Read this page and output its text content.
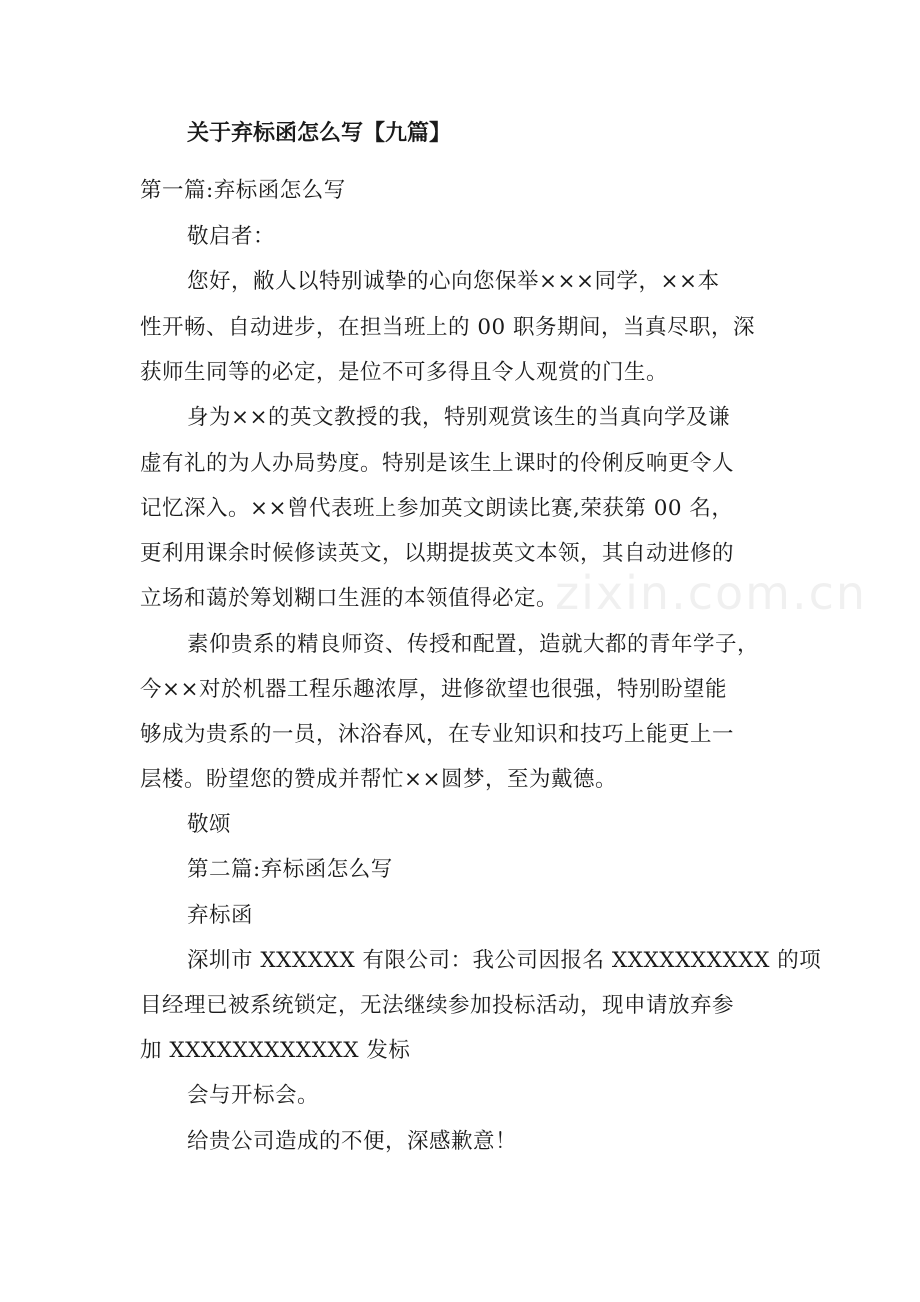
zixin.com.cn
关于弃标函怎么写【九篇】
第一篇:弃标函怎么写
敬启者：
您好，敝人以特别诚挚的心向您保举×××同学，××本
性开畅、自动进步，在担当班上的 00 职务期间，当真尽职，深
获师生同等的必定，是位不可多得且令人观赏的门生。
身为××的英文教授的我，特别观赏该生的当真向学及谦
虚有礼的为人办局势度。特别是该生上课时的伶俐反响更令人
记忆深入。××曾代表班上参加英文朗读比赛,荣获第 00 名，
更利用课余时候修读英文，以期提拔英文本领，其自动进修的
立场和蔼於筹划糊口生涯的本领值得必定。
素仰贵系的精良师资、传授和配置，造就大都的青年学子，
今××对於机器工程乐趣浓厚，进修欲望也很强，特别盼望能
够成为贵系的一员，沐浴春风，在专业知识和技巧上能更上一
层楼。盼望您的赞成并帮忙××圆梦，至为戴德。
敬颂
第二篇:弃标函怎么写
弃标函
深圳市 XXXXXX 有限公司：我公司因报名 XXXXXXXXXX 的项
目经理已被系统锁定，无法继续参加投标活动，现申请放弃参
加 XXXXXXXXXXXX 发标
会与开标会。
给贵公司造成的不便，深感歉意！
